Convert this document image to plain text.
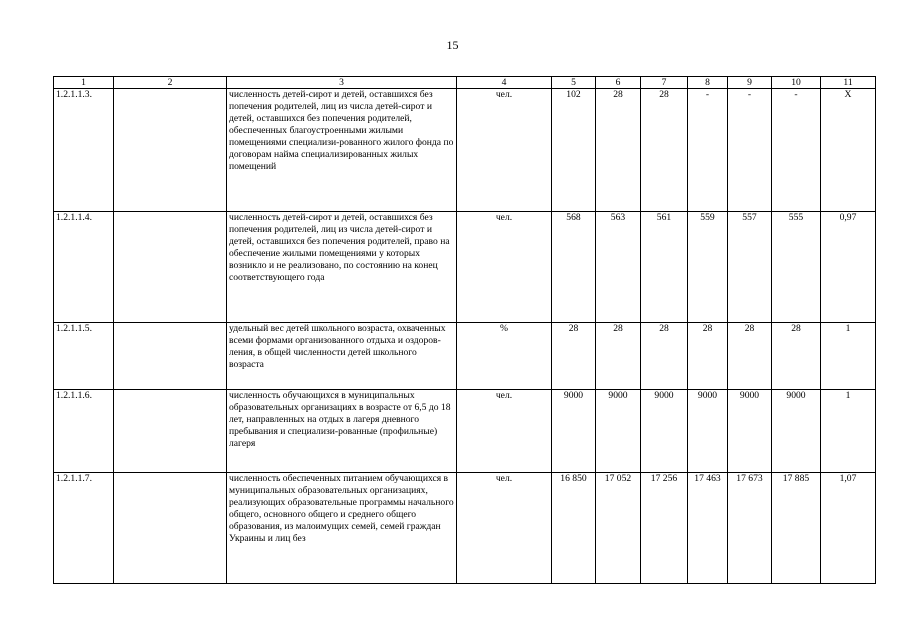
15
1	2	3	4	5	6	7	8	9	10	11
1.2.1.1.3.		численность детей-сирот и детей, оставшихся без попечения родителей, лиц из числа детей-сирот и детей, оставшихся без попечения родителей, обеспеченных благоустроенными жилыми помещениями специализи-рованного жилого фонда по договорам найма специализированных жилых помещений	чел.	102	28	28	-	-	-	X
1.2.1.1.4.		численность детей-сирот и детей, оставшихся без попечения родителей, лиц из числа детей-сирот и детей, оставшихся без попечения родителей, право на обеспечение жилыми помещениями у которых возникло и не реализовано, по состоянию на конец соответствующего года	чел.	568	563	561	559	557	555	0,97
1.2.1.1.5.		удельный вес детей школьного возраста, охваченных всеми формами организованного отдыха и оздоров-ления, в общей численности детей школьного возраста	%	28	28	28	28	28	28	1
1.2.1.1.6.		численность обучающихся в муниципальных образовательных организациях в возрасте от 6,5 до 18 лет, направленных на отдых в лагеря дневного пребывания и специализи-рованные (профильные) лагеря	чел.	9000	9000	9000	9000	9000	9000	1
1.2.1.1.7.		численность обеспеченных питанием обучающихся в муниципальных образовательных организациях, реализующих образовательные программы начального общего, основного общего и среднего общего образования, из малоимущих семей, семей граждан Украины и лиц без	чел.	16 850	17 052	17 256	17 463	17 673	17 885	1,07
